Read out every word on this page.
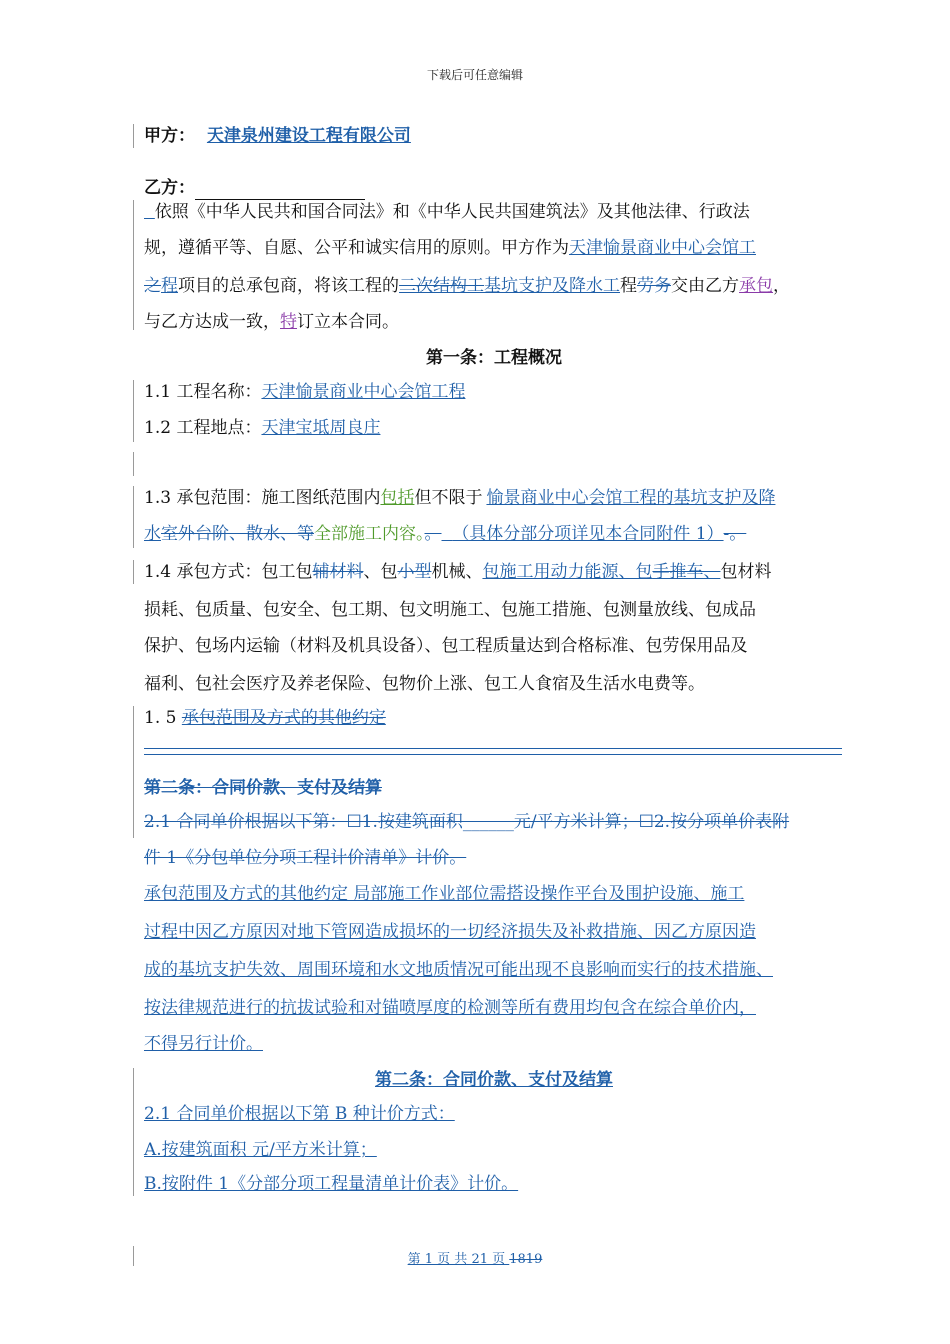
下载后可任意编辑
甲方： 天津泉州建设工程有限公司
乙方：
依照《中华人民共和国合同法》和《中华人民共国建筑法》及其他法律、行政法
规，遵循平等、自愿、公平和诚实信用的原则。甲方作为天津愉景商业中心会馆工
之程项目的总承包商，将该工程的二次结构工基坑支护及降水工程劳务交由乙方承包，
与乙方达成一致，特订立本合同。
第一条：工程概况
1.1 工程名称：天津愉景商业中心会馆工程
1.2 工程地点：天津宝坻周良庄
1.3 承包范围：施工图纸范围内包括但不限于 愉景商业中心会馆工程的基坑支护及降
水室外台阶、散水、等全部施工内容。。 （具体分部分项详见本合同附件 1）-。
1.4 承包方式：包工包辅材料、包小型机械、包施工用动力能源、包手推车、包材料
损耗、包质量、包安全、包工期、包文明施工、包施工措施、包测量放线、包成品
保护、包场内运输（材料及机具设备）、包工程质量达到合格标准、包劳保用品及
福利、包社会医疗及养老保险、包物价上涨、包工人食宿及生活水电费等。
1. 5 承包范围及方式的其他约定
第二条：合同价款、支付及结算
2.1 合同单价根据以下第：☐1.按建筑面积______元/平方米计算；☐2.按分项单价表附
件 1《分包单位分项工程计价清单》计价。
承包范围及方式的其他约定 局部施工作业部位需搭设操作平台及围护设施、施工
过程中因乙方原因对地下管网造成损坏的一切经济损失及补救措施、因乙方原因造
成的基坑支护失效、周围环境和水文地质情况可能出现不良影响而实行的技术措施、
按法律规范进行的抗拔试验和对锚喷厚度的检测等所有费用均包含在综合单价内，
不得另行计价。
第二条：合同价款、支付及结算
2.1 合同单价根据以下第 B 种计价方式：
A.按建筑面积 元/平方米计算；
B.按附件 1《分部分项工程量清单计价表》计价。
第 1 页 共 21 页 1819
